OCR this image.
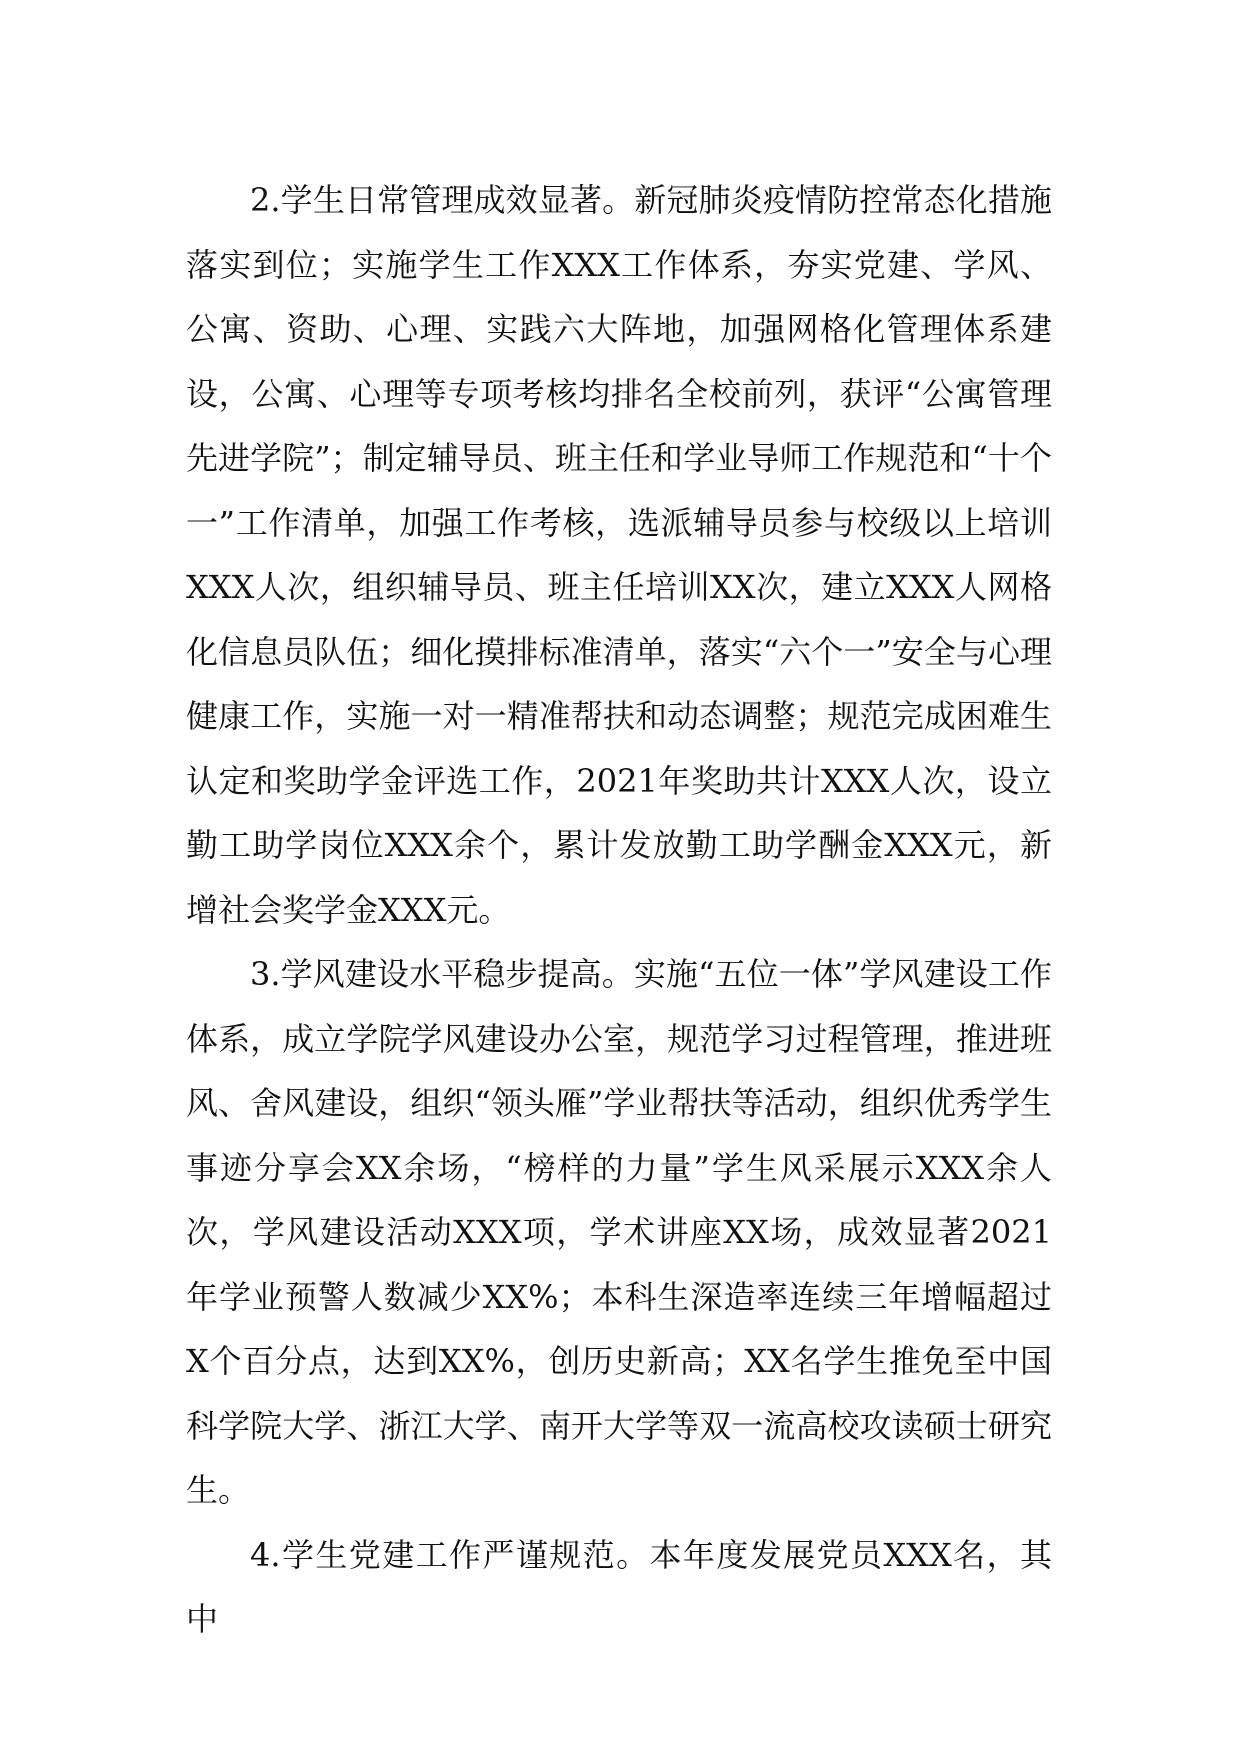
2.学生日常管理成效显著。新冠肺炎疫情防控常态化措施落实到位；实施学生工作XXX工作体系，夯实党建、学风、公寓、资助、心理、实践六大阵地，加强网格化管理体系建设，公寓、心理等专项考核均排名全校前列，获评“公寓管理先进学院”；制定辅导员、班主任和学业导师工作规范和“十个一”工作清单，加强工作考核，选派辅导员参与校级以上培训XXX人次，组织辅导员、班主任培训XX次，建立XXX人网格化信息员队伍；细化摸排标准清单，落实“六个一”安全与心理健康工作，实施一对一精准帮扶和动态调整；规范完成困难生认定和奖助学金评选工作，2021年奖助共计XXX人次，设立勤工助学岗位XXX余个，累计发放勤工助学酬金XXX元，新增社会奖学金XXX元。

3.学风建设水平稳步提高。实施“五位一体”学风建设工作体系，成立学院学风建设办公室，规范学习过程管理，推进班风、舍风建设，组织“领头雁”学业帮扶等活动，组织优秀学生事迹分享会XX余场，“榜样的力量”学生风采展示XXX余人次，学风建设活动XXX项，学术讲座XX场，成效显著2021年学业预警人数减少XX%；本科生深造率连续三年增幅超过X个百分点，达到XX%，创历史新高；XX名学生推免至中国科学院大学、浙江大学、南开大学等双一流高校攻读硕士研究生。

4.学生党建工作严谨规范。本年度发展党员XXX名，其中
